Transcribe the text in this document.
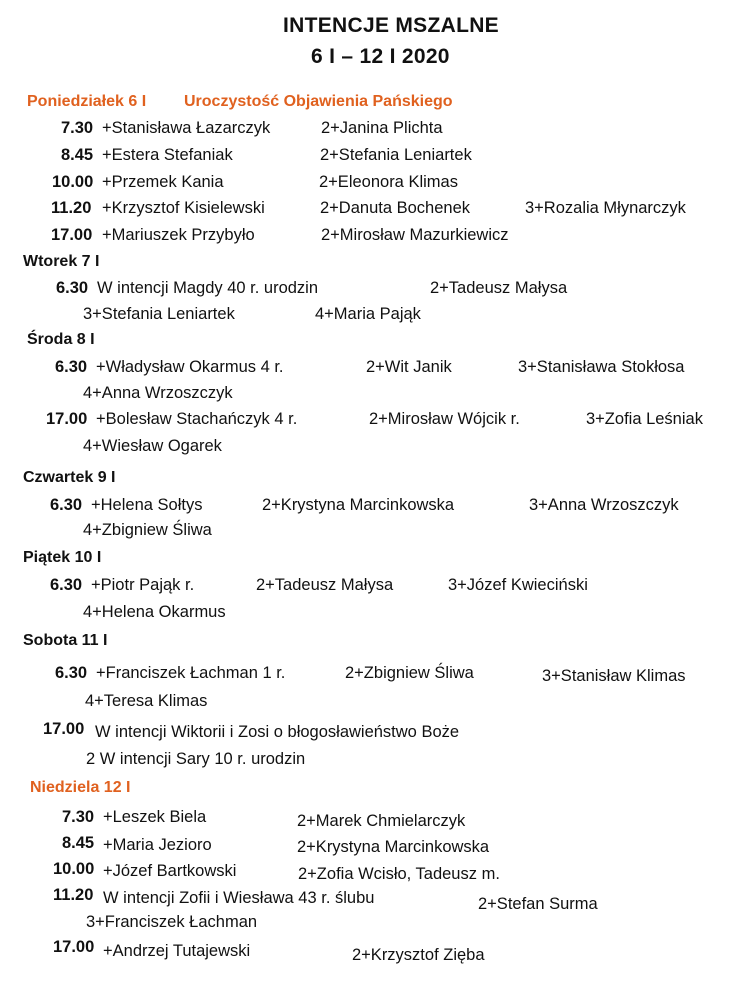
INTENCJE MSZALNE
6 I – 12 I 2020
Poniedziałek 6 I Uroczystość Objawienia Pańskiego
7.30 +Stanisława Łazarczyk	2+Janina Plichta
8.45 +Estera Stefaniak	2+Stefania Leniartek
10.00 +Przemek Kania	2+Eleonora Klimas
11.20 +Krzysztof Kisielewski	2+Danuta Bochenek	3+Rozalia Młynarczyk
17.00 +Mariuszek Przybyło	2+Mirosław Mazurkiewicz
Wtorek 7 I
6.30 W intencji Magdy 40 r. urodzin	2+Tadeusz Małysa
3+Stefania Leniartek	4+Maria Pająk
Środa 8 I
6.30 +Władysław Okarmus 4 r.	2+Wit Janik	3+Stanisława Stokłosa
4+Anna Wrzoszczyk
17.00 +Bolesław Stachańczyk 4 r.	2+Mirosław Wójcik r.	3+Zofia Leśniak
4+Wiesław Ogarek
Czwartek 9 I
6.30 +Helena Sołtys	2+Krystyna Marcinkowska	3+Anna Wrzoszczyk
4+Zbigniew Śliwa
Piątek 10 I
6.30 +Piotr Pająk r.	2+Tadeusz Małysa	3+Józef Kwieciński
4+Helena Okarmus
Sobota 11 I
6.30 +Franciszek Łachman 1 r.	2+Zbigniew Śliwa	3+Stanisław Klimas
4+Teresa Klimas
17.00 W intencji Wiktorii i Zosi o błogosławieństwo Boże
2 W intencji Sary 10 r. urodzin
Niedziela 12 I
7.30 +Leszek Biela	2+Marek Chmielarczyk
8.45 +Maria Jezioro	2+Krystyna Marcinkowska
10.00 +Józef Bartkowski	2+Zofia Wcisło, Tadeusz m.
11.20 W intencji Zofii i Wiesława 43 r. ślubu	2+Stefan Surma
3+Franciszek Łachman
17.00 +Andrzej Tutajewski	2+Krzysztof Zięba
